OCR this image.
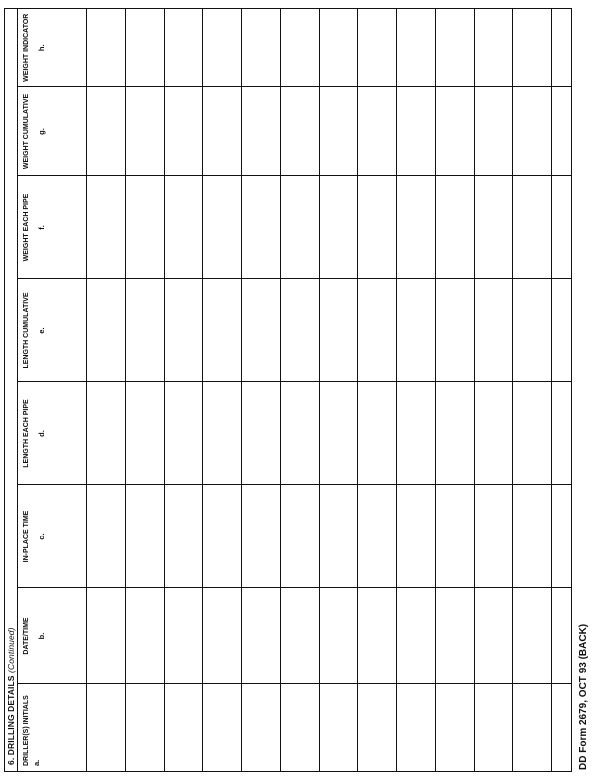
6. DRILLING DETAILS (Continued)
DRILLER(S) INITIALS a.	DATE/TIME b.	IN-PLACE TIME c.	LENGTH EACH PIPE d.	LENGTH CUMULATIVE e.	WEIGHT EACH PIPE f.	WEIGHT CUMULATIVE g.	WEIGHT INDICATOR h.

DD Form 2679, OCT 93 (BACK)
